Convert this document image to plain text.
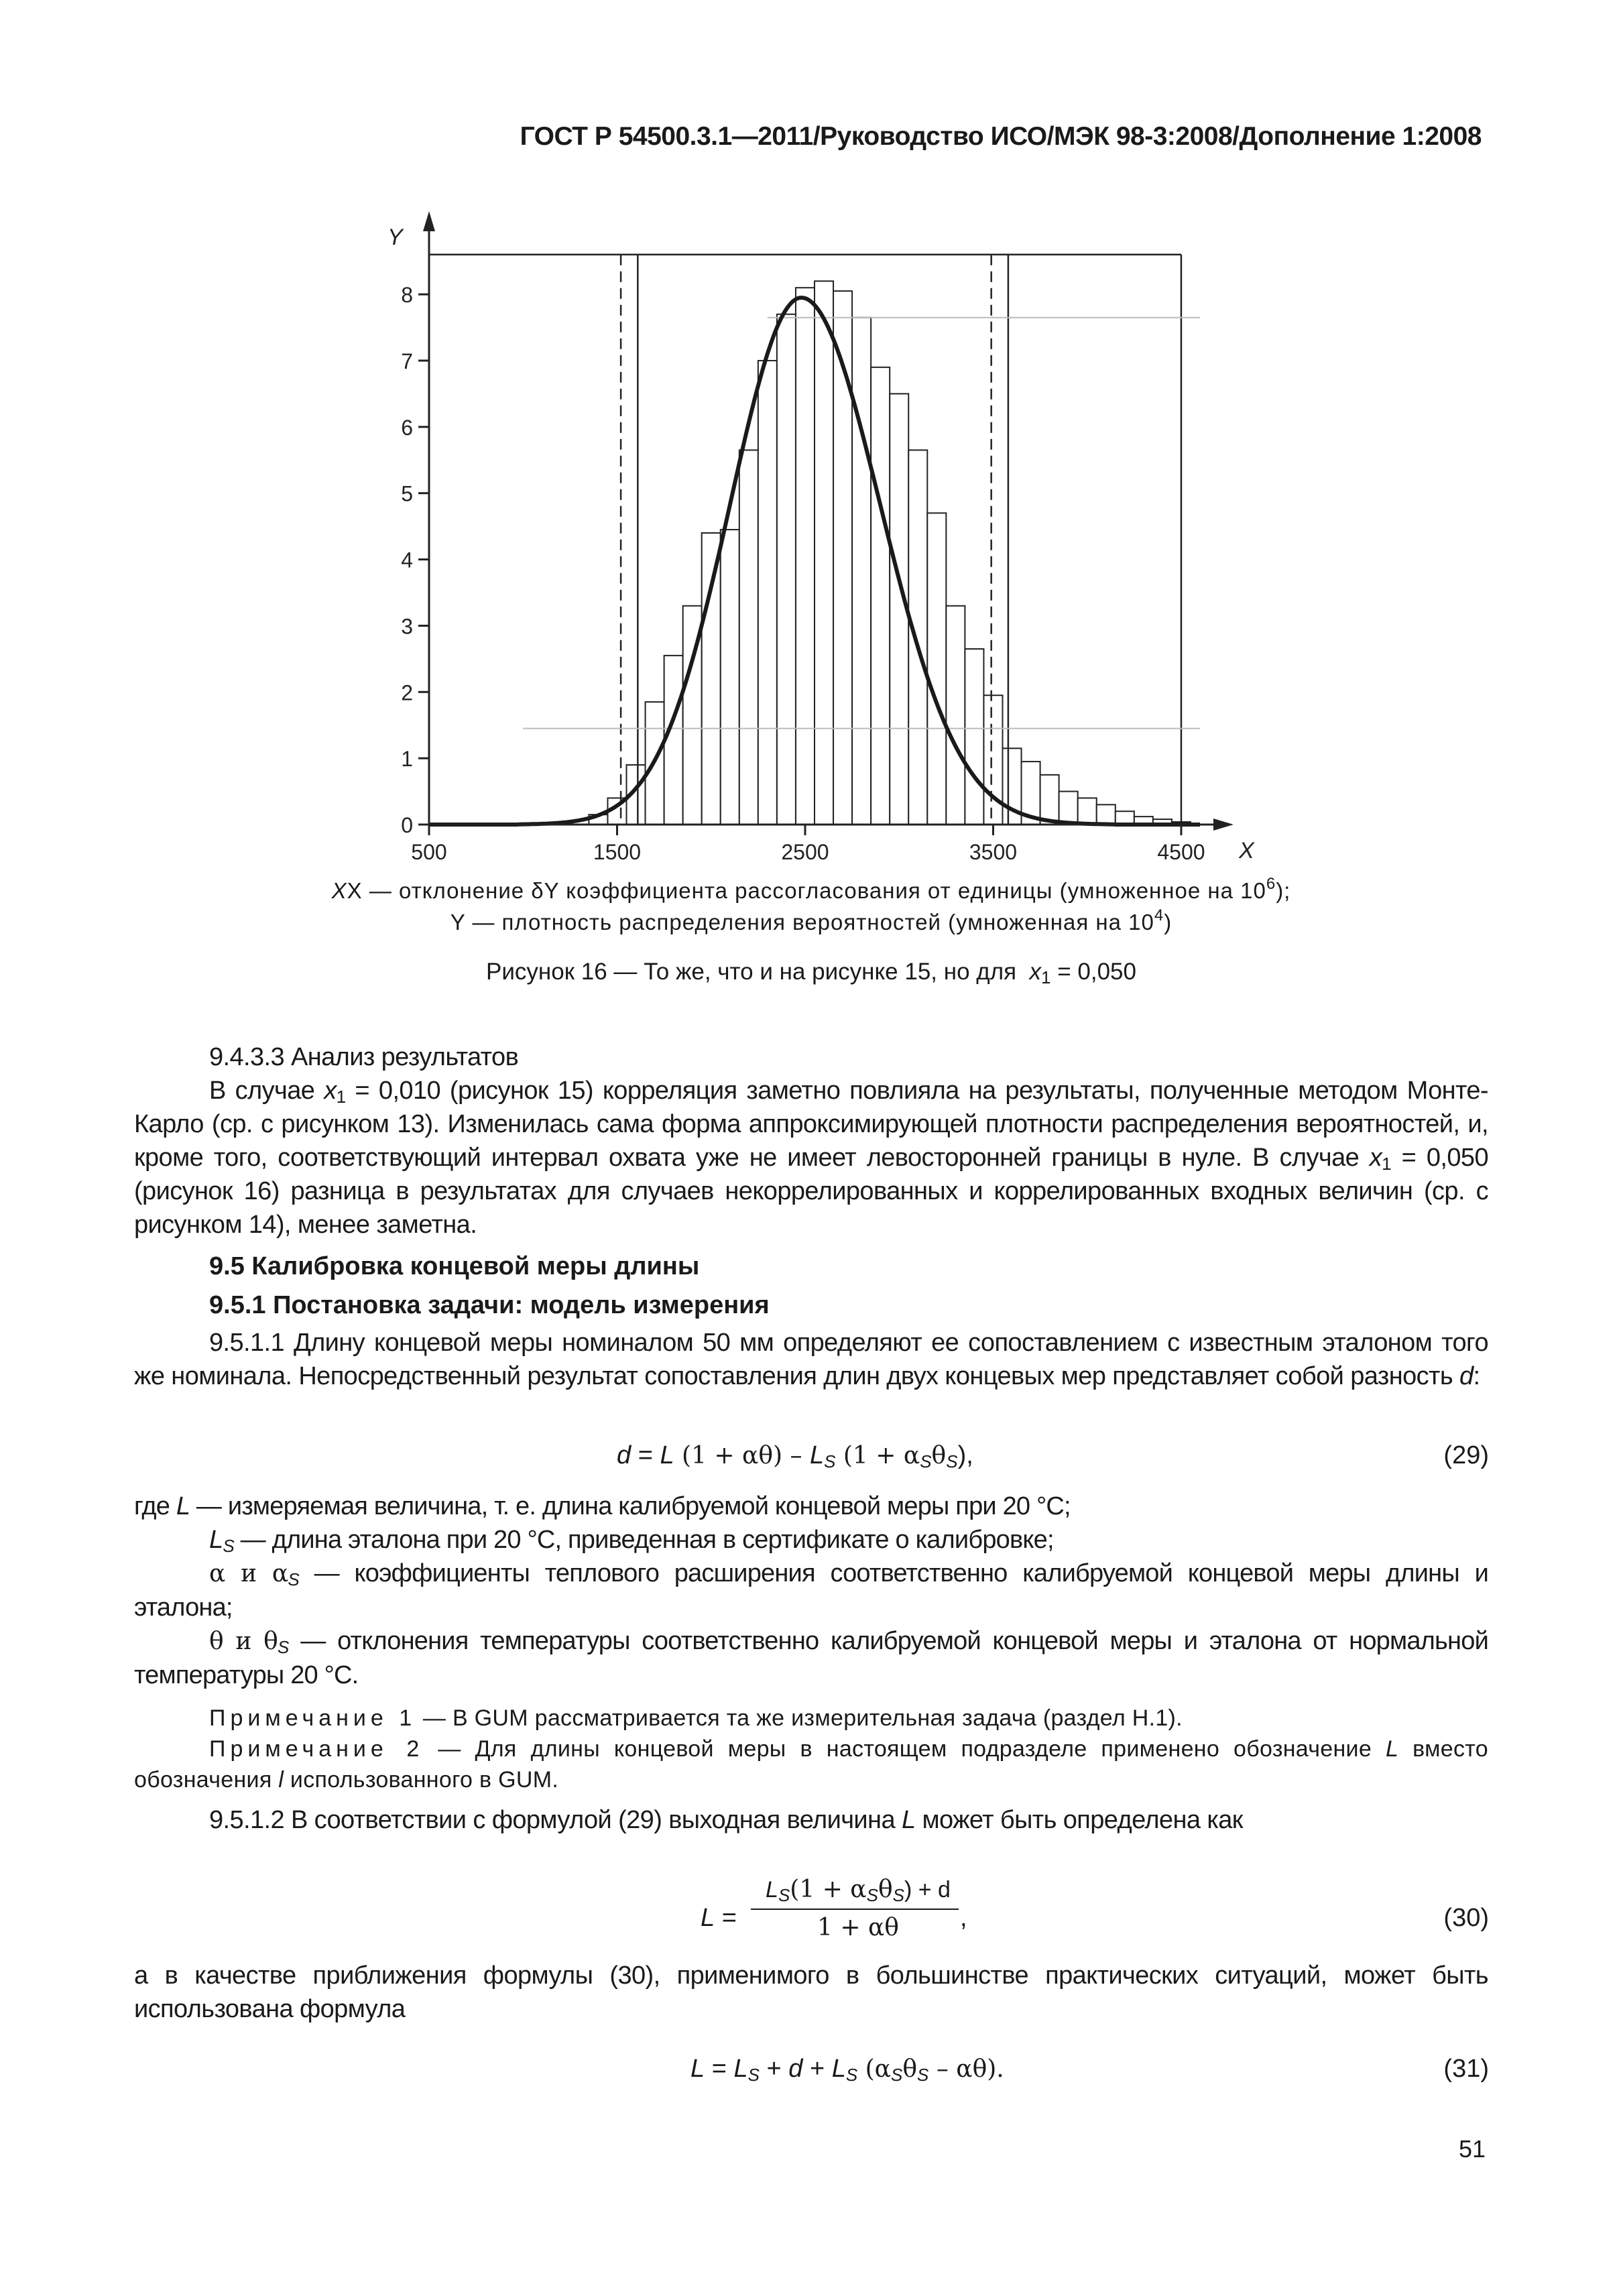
ГОСТ Р 54500.3.1—2011/Руководство ИСО/МЭК 98-3:2008/Дополнение 1:2008
Y
X
0
1
2
3
4
5
6
7
8
500	1500	2500	3500	4500
XX — отклонение δY коэффициента рассогласования от единицы (умноженное на $10^6$);
Y — плотность распределения вероятностей (умноженная на $10^4$)
Рисунок 16 — То же, что и на рисунке 15, но для  $x_1 = 0,050$

9.4.3.3 Анализ результатов

В случае $x_1 = 0,010$ (рисунок 15) корреляция заметно повлияла на результаты, полученные методом Монте-Карло (ср. с рисунком 13). Изменилась сама форма аппроксимирующей плотности распределения вероятностей, и, кроме того, соответствующий интервал охвата уже не имеет левосторонней границы в нуле. В случае $x_1 = 0,050$ (рисунок 16) разница в результатах для случаев некоррелированных и коррелированных входных величин (ср. с рисунком 14), менее заметна.

9.5 Калибровка концевой меры длины
9.5.1 Постановка задачи: модель измерения

9.5.1.1 Длину концевой меры номиналом 50 мм определяют ее сопоставлением с известным эталоном того же номинала. Непосредственный результат сопоставления длин двух концевых мер представляет собой разность d:

d = L $(1 + \alpha\theta) - L_S$ $(1 + \alpha_S\theta_S)$,	(29)

где L — измеряемая величина, т. е. длина калибруемой концевой меры при 20 °C;

$L_S$ — длина эталона при 20 °C, приведенная в сертификате о калибровке;

α и $\alpha_S$ — коэффициенты теплового расширения соответственно калибруемой концевой меры длины и эталона;

θ и $\theta_S$ — отклонения температуры соответственно калибруемой концевой меры и эталона от нормальной температуры 20 °C.

Примечание 1 — В GUM рассматривается та же измерительная задача (раздел H.1).

Примечание 2 — Для длины концевой меры в настоящем подразделе применено обозначение L вместо обозначения l использованного в GUM.

9.5.1.2 В соответствии с формулой (29) выходная величина L может быть определена как

L =
$L_S(1 + \alpha_S\theta_S) + d$
1 + αθ	,	(30)

а в качестве приближения формулы (30), применимого в большинстве практических ситуаций, может быть использована формула

$L = L_S + d + L_S$ $(\alpha_S\theta_S - \alpha\theta)$.	(31)
51
